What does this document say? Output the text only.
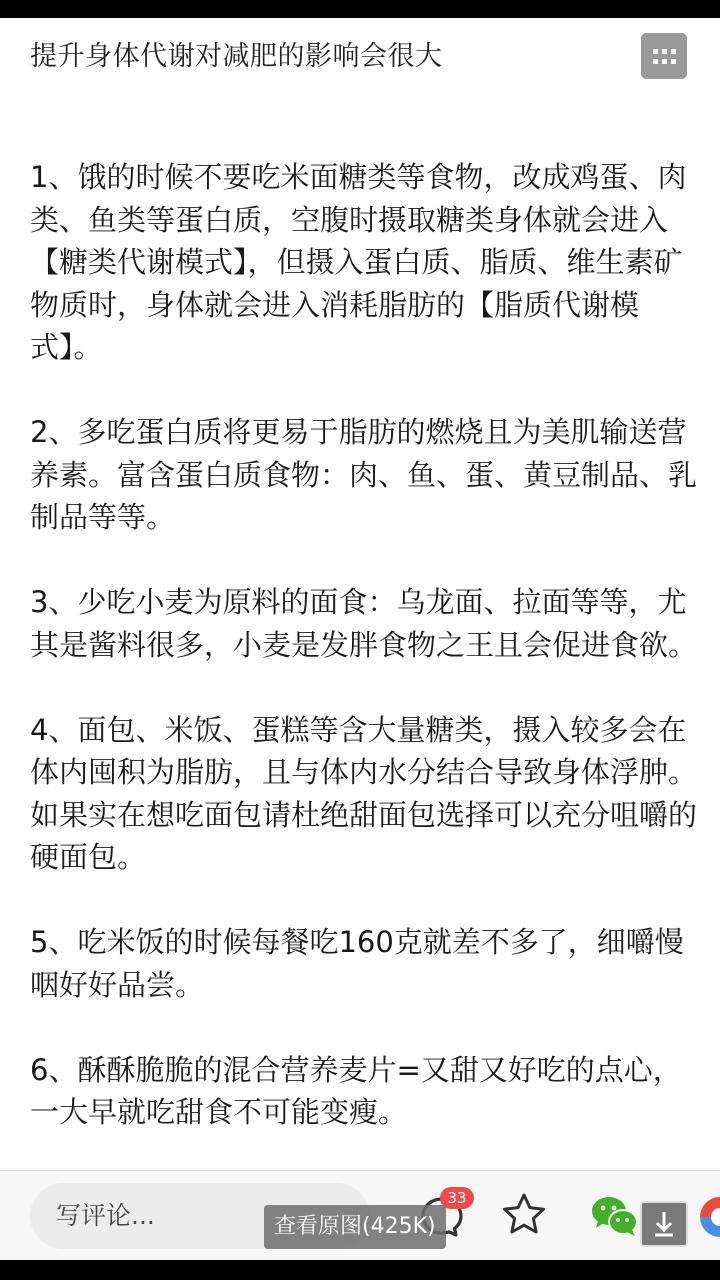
提升身体代谢对减肥的影响会很大

1、饿的时候不要吃米面糖类等食物，改成鸡蛋、肉类、鱼类等蛋白质，空腹时摄取糖类身体就会进入【糖类代谢模式】，但摄入蛋白质、脂质、维生素矿物质时，身体就会进入消耗脂肪的【脂质代谢模式】。

2、多吃蛋白质将更易于脂肪的燃烧且为美肌输送营养素。富含蛋白质食物：肉、鱼、蛋、黄豆制品、乳制品等等。

3、少吃小麦为原料的面食：乌龙面、拉面等等，尤其是酱料很多，小麦是发胖食物之王且会促进食欲。

4、面包、米饭、蛋糕等含大量糖类，摄入较多会在体内囤积为脂肪，且与体内水分结合导致身体浮肿。如果实在想吃面包请杜绝甜面包选择可以充分咀嚼的硬面包。

5、吃米饭的时候每餐吃160克就差不多了，细嚼慢咽好好品尝。

6、酥酥脆脆的混合营养麦片=又甜又好吃的点心，一大早就吃甜食不可能变瘦。

写评论...
33
查看原图(425K)
